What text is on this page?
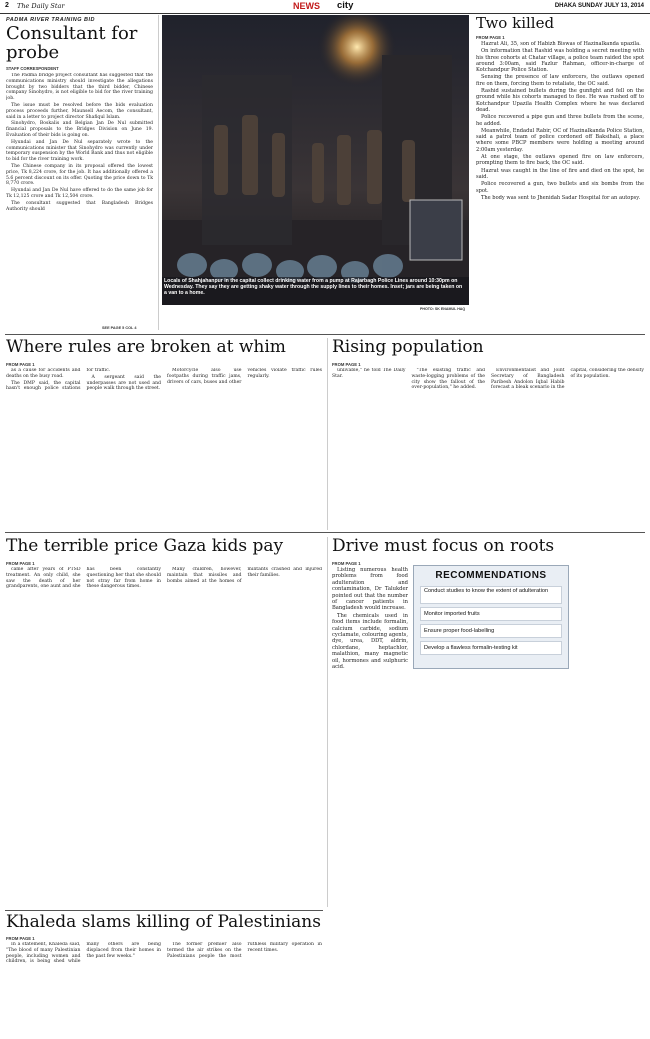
2 The Daily Star	NEWS city	DHAKA SUNDAY JULY 13, 2014
PADMA RIVER TRAINING BID
Consultant for probe
STAFF CORRESPONDENT

The Padma bridge project consultant has suggested that the communications ministry should investigate the allegations brought by two bidders that the third bidder, Chinese company Sinohydro, is not eligible to bid for the river training job.

The issue must be resolved before the bids evaluation process proceeds further, Maunsell Aecom, the consultant, said in a letter to project director Shafiqul Islam.

Sinohydro, Boskalis and Belgian Jan De Nul submitted financial proposals to the Bridges Division on June 19. Evaluation of their bids is going on.

Hyundai and Jan De Nul separately wrote to the communications minister that Sinohydro was currently under temporary suspension by the World Bank and thus not eligible to bid for the river training work.

The Chinese company in its proposal offered the lowest price, Tk 8,224 crore, for the job. It has additionally offered a 5.6 percent discount on its offer. Quoting the price down to Tk 8,770 crore.

Hyundai and Jan De Nul have offered to do the same job for Tk 12,125 crore and Tk 12,504 crore.

The consultant suggested that Bangladesh Bridges Authority should

SEE PAGE 5 COL 4
Locals of Shahjahanpur in the capital collect drinking water from a pump at Rajarbagh Police Lines around 10:30pm on Wednesday. They say they are getting shaky water through the supply lines to their homes. Inset; jars are being taken on a van to a home.
PHOTO: SK ENAMUL HAQ
Two killed
FROM PAGE 1

Hazrat Ali, 35, son of Habizh Biswas of Hazinalkanda upazila.

On information that Rashid was holding a secret meeting with his three cohorts at Chatar village, a police team raided the spot around 3:00am, said Fazlur Rahman, officer-in-charge of Kotchandpur Police Station.

Sensing the presence of law enforcers, the outlaws opened fire on them, forcing them to retaliate, the OC said.

Rashid sustained bullets during the gunfight and fell on the ground while his cohorts managed to flee. He was rushed off to Kotchandpur Upazila Health Complex where he was declared dead.

Police recovered a pipe gun and three bullets from the scene, he added.

Meanwhile, Endadul Rabir, OC of Hazinalkanda Police Station, said a patrol team of police cordoned off Baksihali, a place where some PBCP members were holding a meeting around 2:00am yesterday.

At one stage, the outlaws opened fire on law enforcers, prompting them to fire back, the OC said.

Hazrat was caught in the line of fire and died on the spot, he said.

Police recovered a gun, two bullets and six bombs from the spot.

The body was sent to Jhenidah Sadar Hospital for an autopsy.

Where rules are broken at whim
FROM PAGE 1

as a cause for accidents and deaths on the busy road.

The DMP said, the capital hasn't enough police stations for traffic.

A sergeant said the underpasses are not used and people walk through the street.

Motorcycle also use footpaths during traffic jams, drivers of cars, buses and other vehicles violate traffic rules regularly.

Rising population
FROM PAGE 1

unlivable," he told The Daily Star.

"The existing traffic and waste-logging problems of the city show the fallout of the over-population," he added.

Environmentalist and Joint Secretary of Bangladesh Paribesh Andolon Iqbal Habib forecast a bleak scenario in the capital, considering the density of its population.

The terrible price Gaza kids pay
FROM PAGE 1

came after years of PTSD treatment. An only child, she saw the death of her grandparents, one aunt and she has been constantly questioning her that she should not stray far from home in these dangerous times.

Many children, however, maintain that missiles and bombs aimed at the homes of militants crashed and injured their families.

Drive must focus on roots
FROM PAGE 1

Listing numerous health problems from food adulteration and contamination, Dr Talukder pointed out that the number of cancer patients in Bangladesh would increase.

The chemicals used in food items include formalin, calcium carbide, sodium cyclamate, colouring agents, dye, urea, DDT, aldrin, chlordane, heptachlor, malathion, many magnetic oil, hormones and sulphuric acid.

RECOMMENDATIONS
Conduct studies to know the extent of adulteration
Monitor imported fruits
Ensure proper food-labelling
Develop a flawless formalin-testing kit

Khaleda slams killing of Palestinians
FROM PAGE 1

In a statement, Khaleda said, "The blood of many Palestinian people, including women and children, is being shed while many others are being displaced from their homes in the past few weeks."

The former premier also termed the air strikes on the Palestinians people the most ruthless military operation in recent times.
